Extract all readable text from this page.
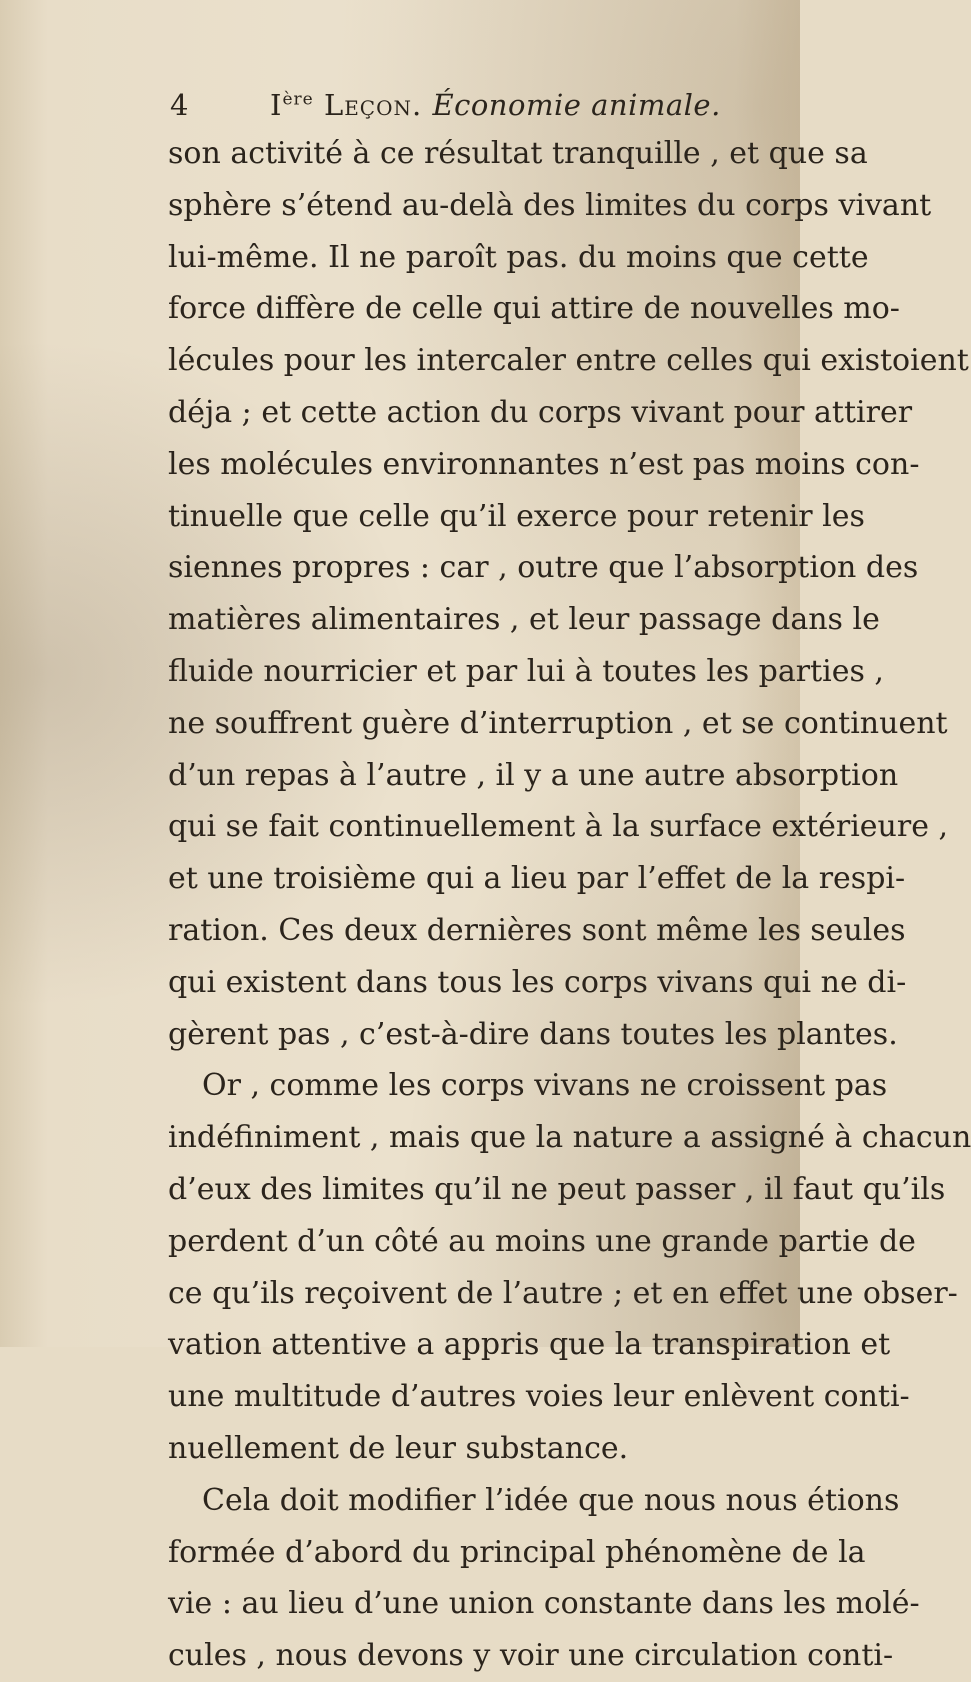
4	Ière Leçon. Économie animale.
son activité à ce résultat tranquille , et que sa
sphère s’étend au-delà des limites du corps vivant
lui-même. Il ne paroît pas. du moins que cette
force diffère de celle qui attire de nouvelles mo-
lécules pour les intercaler entre celles qui existoient
déja ; et cette action du corps vivant pour attirer
les molécules environnantes n’est pas moins con-
tinuelle que celle qu’il exerce pour retenir les
siennes propres : car , outre que l’absorption des
matières alimentaires , et leur passage dans le
fluide nourricier et par lui à toutes les parties ,
ne souffrent guère d’interruption , et se continuent
d’un repas à l’autre , il y a une autre absorption
qui se fait continuellement à la surface extérieure ,
et une troisième qui a lieu par l’effet de la respi-
ration. Ces deux dernières sont même les seules
qui existent dans tous les corps vivans qui ne di-
gèrent pas , c’est-à-dire dans toutes les plantes.
Or , comme les corps vivans ne croissent pas
indéfiniment , mais que la nature a assigné à chacun
d’eux des limites qu’il ne peut passer , il faut qu’ils
perdent d’un côté au moins une grande partie de
ce qu’ils reçoivent de l’autre ; et en effet une obser-
vation attentive a appris que la transpiration et
une multitude d’autres voies leur enlèvent conti-
nuellement de leur substance.
Cela doit modifier l’idée que nous nous étions
formée d’abord du principal phénomène de la
vie : au lieu d’une union constante dans les molé-
cules , nous devons y voir une circulation conti-
